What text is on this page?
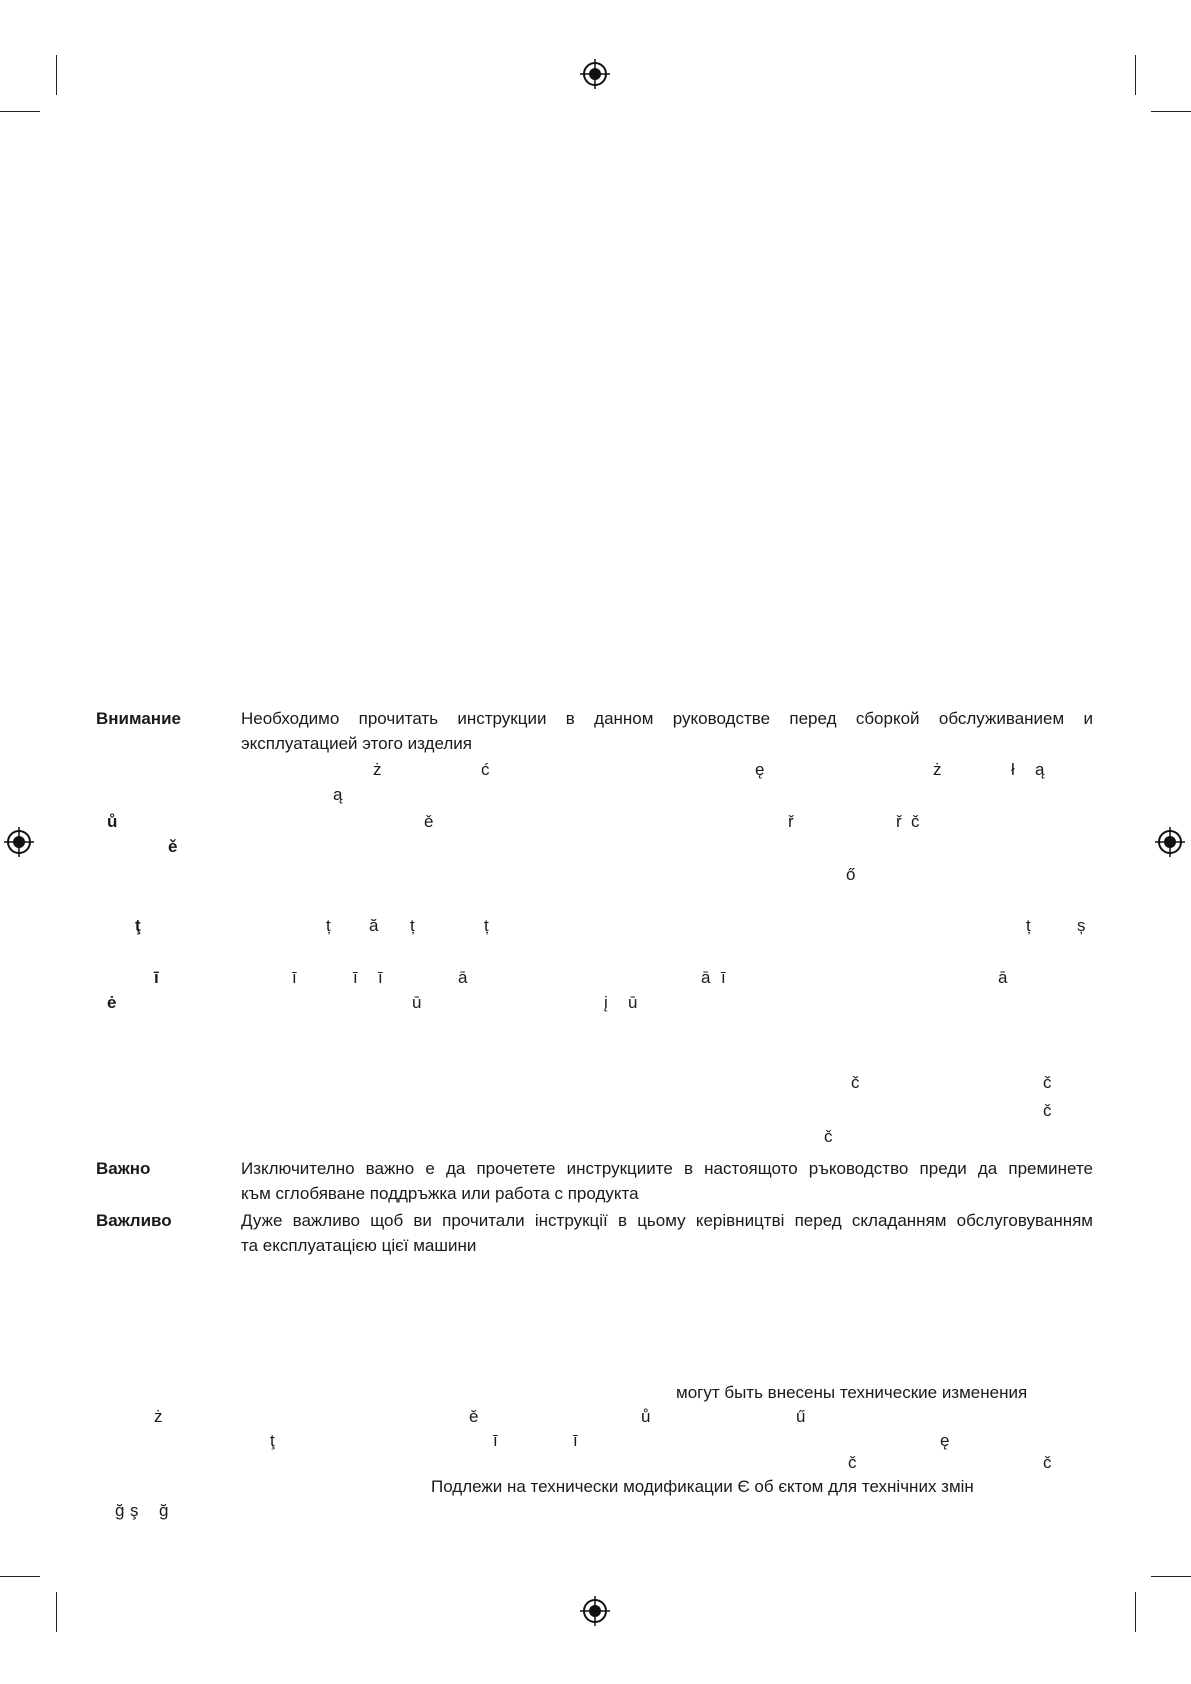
Внимание	Необходимо прочитать инструкции в данном руководстве перед сборкой обслуживанием и
эксплуатацией этого изделия
ż	ć	ę	ż	ł ą
ą
ů	ě	ř	ř č
ě
ő
ţ	ț ă ț	ț	ț	ș
ī	ī	ī ī	ā	ā ī	ā
ė	ū	į ū
č	č
č
č
Важно	Изключително важно е да прочетете инструкциите в настоящото ръководство преди да преминете
към сглобяване поддръжка или работа с продукта
Важливо	Дуже важливо щоб ви прочитали інструкції в цьому керівництві перед складанням обслуговуванням
та експлуатацією цієї машини
могут быть внесены технические изменения
ż	ě	ů	ű
ţ	ī	ī	ę
č	č
Подлежи на технически модификации Є об єктом для технічних змін
ğ ş ğ
